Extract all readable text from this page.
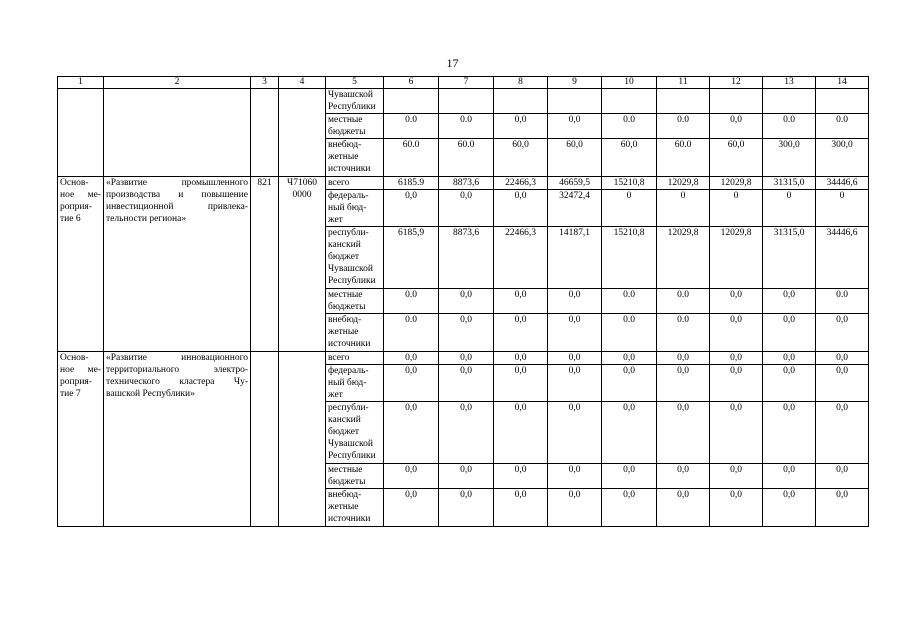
17
1	2	3	4	5	6	7	8	9	10	11	12	13	14
				Чувашской Республики									
				местные бюджеты	0.0	0.0	0,0	0,0	0.0	0.0	0,0	0.0	0.0
				внебюд- жетные источники	60.0	60.0	60,0	60,0	60,0	60.0	60,0	300,0	300,0
Основ- ное ме- роприя- тие 6	«Развитие промышленного производства и повышение инвестиционной привлека- тельности региона»	821	Ч71060 0000	всего	6185.9	8873,6	22466,3	46659,5	15210,8	12029,8	12029,8	31315,0	34446,6
				федераль- ный бюд- жет	0,0	0,0	0,0	32472,4	0	0	0	0	0
				республи- канский бюджет Чувашской Республики	6185,9	8873,6	22466,3	14187,1	15210,8	12029,8	12029,8	31315,0	34446,6
				местные бюджеты	0.0	0,0	0,0	0,0	0.0	0.0	0,0	0,0	0.0
				внебюд- жетные источники	0.0	0,0	0,0	0,0	0.0	0.0	0,0	0,0	0,0
Основ- ное ме- роприя- тие 7	«Развитие инновационного территориального электро- технического кластера Чу- вашской Республики»			всего	0,0	0,0	0,0	0,0	0,0	0,0	0,0	0,0	0,0
				федераль- ный бюд- жет	0,0	0,0	0,0	0,0	0,0	0,0	0,0	0,0	0,0
				республи- канский бюджет Чувашской Республики	0,0	0,0	0,0	0,0	0,0	0,0	0,0	0,0	0,0
				местные бюджеты	0,0	0,0	0,0	0,0	0,0	0,0	0,0	0,0	0,0
				внебюд- жетные источники	0,0	0,0	0,0	0,0	0,0	0,0	0,0	0,0	0,0
